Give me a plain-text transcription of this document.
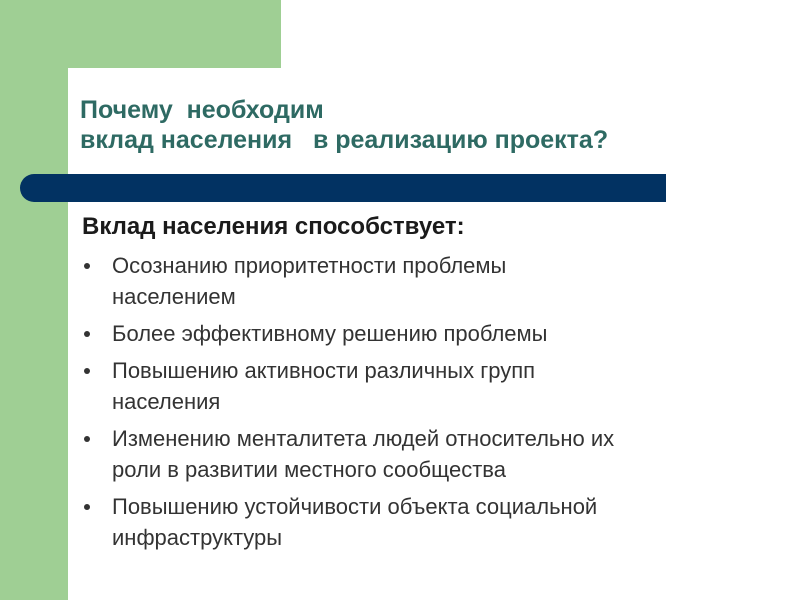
Почему  необходим
вклад населения   в реализацию проекта?
Вклад населения способствует:
Осознанию приоритетности проблемы
населением
Более эффективному решению проблемы
Повышению активности различных групп
населения
Изменению менталитета людей относительно их
роли в развитии местного сообщества
Повышению устойчивости объекта социальной
инфраструктуры
